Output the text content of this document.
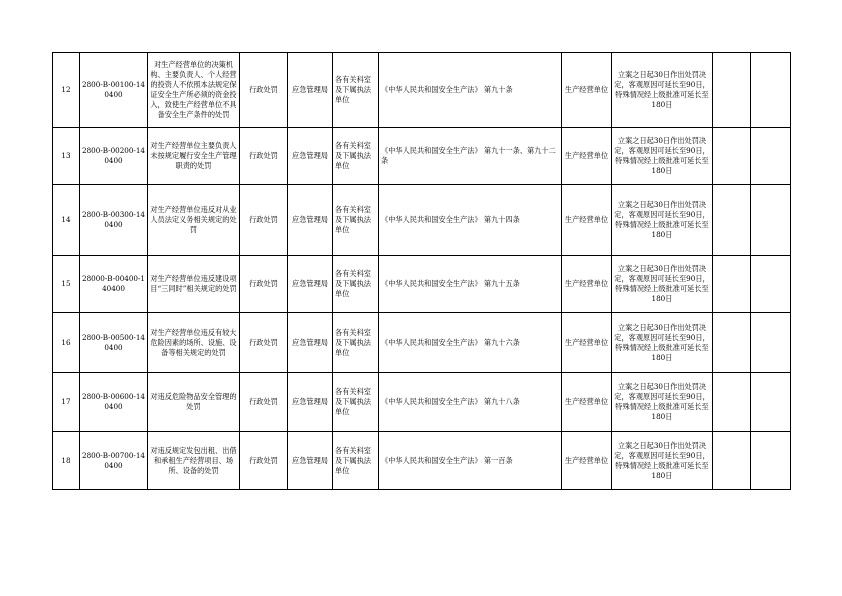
12	2800-B-00100-140400	对生产经营单位的决策机构、主要负责人、个人经营的投资人不依照本法规定保证安全生产所必须的资金投入，致使生产经营单位不具备安全生产条件的处罚	行政处罚	应急管理局	各有关科室及下属执法单位	《中华人民共和国安全生产法》 第九十条	生产经营单位	立案之日起30日作出处罚决定，客观原因可延长至90日，特殊情况经上级批准可延长至180日		
13	2800-B-00200-140400	对生产经营单位主要负责人未按规定履行安全生产管理职责的处罚	行政处罚	应急管理局	各有关科室及下属执法单位	《中华人民共和国安全生产法》 第九十一条、第九十二条	生产经营单位	立案之日起30日作出处罚决定，客观原因可延长至90日，特殊情况经上级批准可延长至180日		
14	2800-B-00300-140400	对生产经营单位违反对从业人员法定义务相关规定的处罚	行政处罚	应急管理局	各有关科室及下属执法单位	《中华人民共和国安全生产法》 第九十四条	生产经营单位	立案之日起30日作出处罚决定，客观原因可延长至90日，特殊情况经上级批准可延长至180日		
15	28000-B-00400-140400	对生产经营单位违反建设项目“三同时”相关规定的处罚	行政处罚	应急管理局	各有关科室及下属执法单位	《中华人民共和国安全生产法》 第九十五条	生产经营单位	立案之日起30日作出处罚决定，客观原因可延长至90日，特殊情况经上级批准可延长至180日		
16	2800-B-00500-140400	对生产经营单位违反有较大危险因素的场所、设施、设备等相关规定的处罚	行政处罚	应急管理局	各有关科室及下属执法单位	《中华人民共和国安全生产法》 第九十六条	生产经营单位	立案之日起30日作出处罚决定，客观原因可延长至90日，特殊情况经上级批准可延长至180日		
17	2800-B-00600-140400	对违反危险物品安全管理的处罚	行政处罚	应急管理局	各有关科室及下属执法单位	《中华人民共和国安全生产法》 第九十八条	生产经营单位	立案之日起30日作出处罚决定，客观原因可延长至90日，特殊情况经上级批准可延长至180日		
18	2800-B-00700-140400	对违反规定发包出租、出借和承租生产经营项目、场所、设备的处罚	行政处罚	应急管理局	各有关科室及下属执法单位	《中华人民共和国安全生产法》 第一百条	生产经营单位	立案之日起30日作出处罚决定，客观原因可延长至90日，特殊情况经上级批准可延长至180日		
